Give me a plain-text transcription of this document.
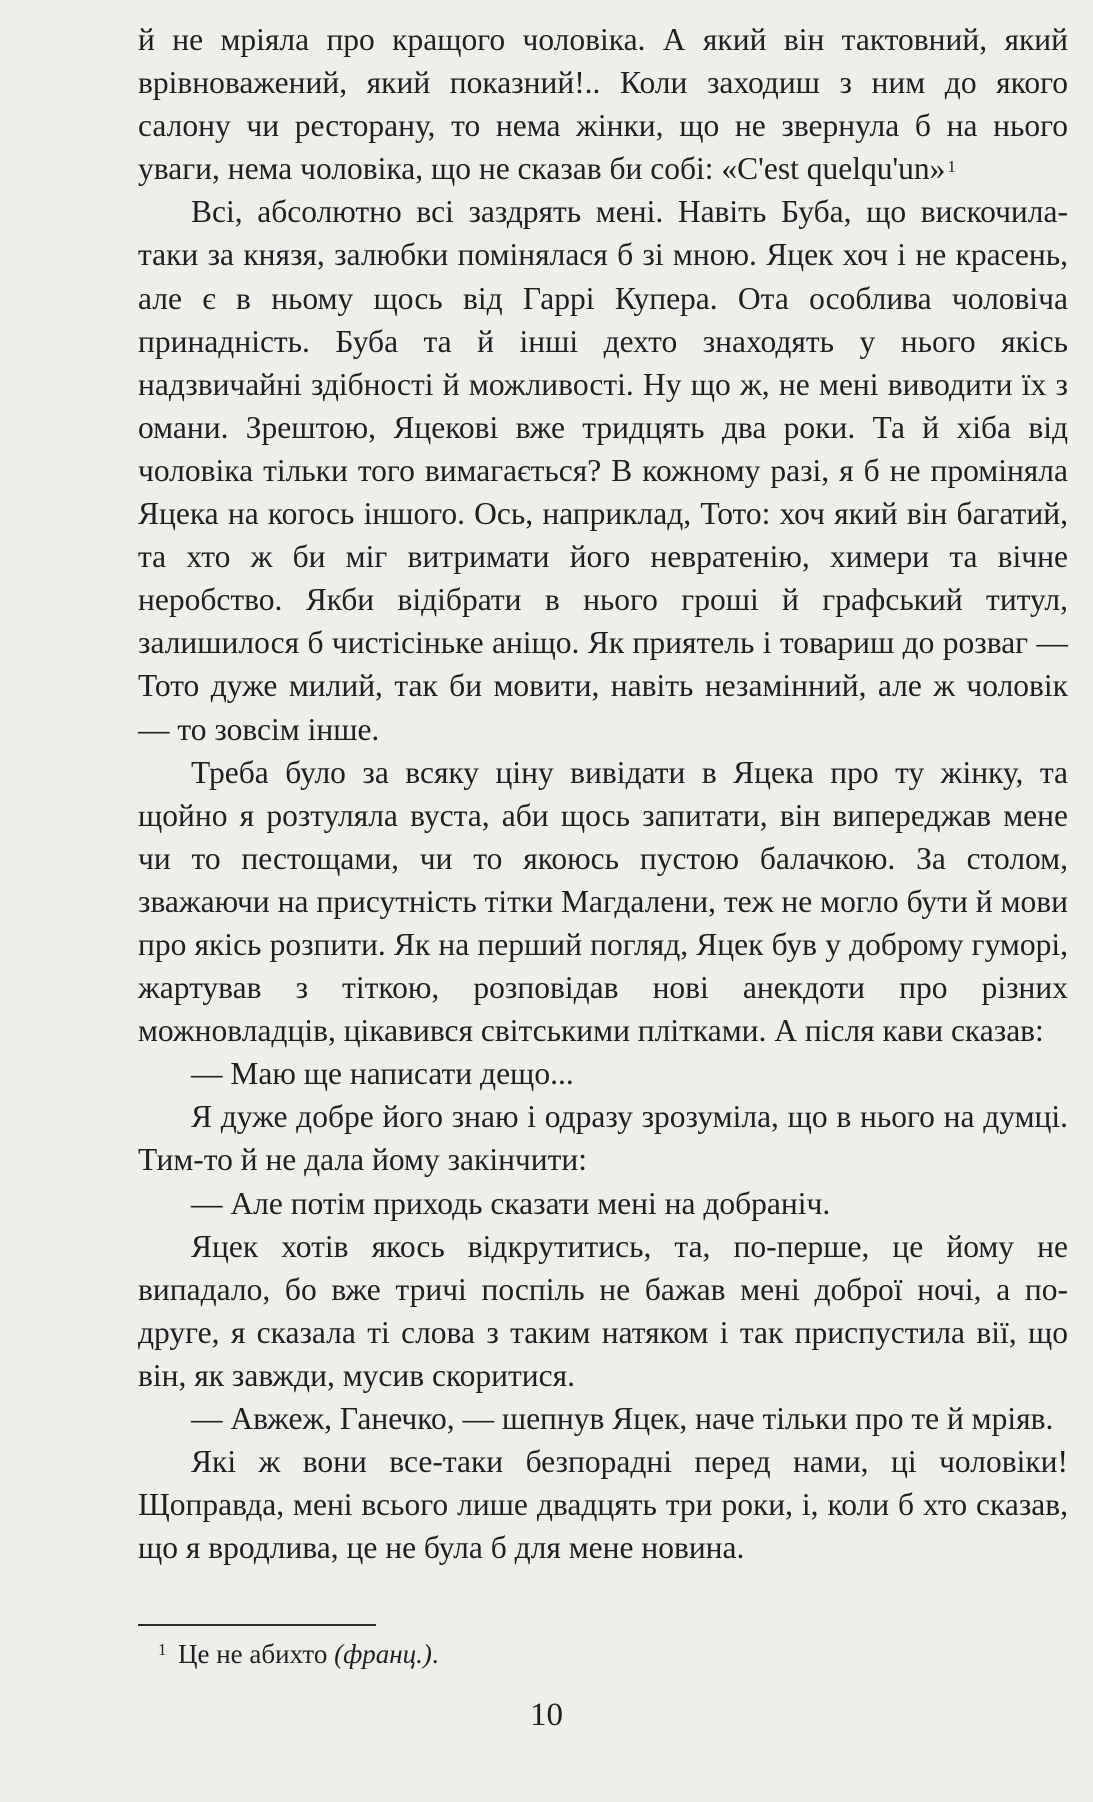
й не мріяла про кращого чоловіка. А який він тактовний, який врівноважений, який показний!.. Коли заходиш з ним до якого салону чи ресторану, то нема жінки, що не звернула б на нього уваги, нема чоловіка, що не сказав би собі: «C'est quelqu'un» $^1$

Всі, абсолютно всі заздрять мені. Навіть Буба, що вискочила-таки за князя, залюбки помінялася б зі мною. Яцек хоч і не красень, але є в ньому щось від Гаррі Купера. Ота особлива чоловіча принадність. Буба та й інші дехто знаходять у нього якісь надзвичайні здібності й можливості. Ну що ж, не мені виводити їх з омани. Зрештою, Яцекові вже тридцять два роки. Та й хіба від чоловіка тільки того вимагається? В кожному разі, я б не проміняла Яцека на когось іншого. Ось, наприклад, Тото: хоч який він багатий, та хто ж би міг витримати його невратенію, химери та вічне неробство. Якби відібрати в нього гроші й графський титул, залишилося б чистісіньке аніщо. Як приятель і товариш до розваг — Тото дуже милий, так би мовити, навіть незамінний, але ж чоловік — то зовсім інше.

Треба було за всяку ціну вивідати в Яцека про ту жінку, та щойно я розтуляла вуста, аби щось запитати, він випереджав мене чи то пестощами, чи то якоюсь пустою балачкою. За столом, зважаючи на присутність тітки Магдалени, теж не могло бути й мови про якісь розпити. Як на перший погляд, Яцек був у доброму гуморі, жартував з тіткою, розповідав нові анекдоти про різних можновладців, цікавився світськими плітками. А після кави сказав:

— Маю ще написати дещо...

Я дуже добре його знаю і одразу зрозуміла, що в нього на думці. Тим-то й не дала йому закінчити:

— Але потім приходь сказати мені на добраніч.

Яцек хотів якось відкрутитись, та, по-перше, це йому не випадало, бо вже тричі поспіль не бажав мені доброї ночі, а по-друге, я сказала ті слова з таким натяком і так приспустила вії, що він, як завжди, мусив скоритися.

— Авжеж, Ганечко, — шепнув Яцек, наче тільки про те й мріяв.

Які ж вони все-таки безпорадні перед нами, ці чоловіки! Щоправда, мені всього лише двадцять три роки, і, коли б хто сказав, що я вродлива, це не була б для мене новина.

1 Це не абихто (франц.).
10
